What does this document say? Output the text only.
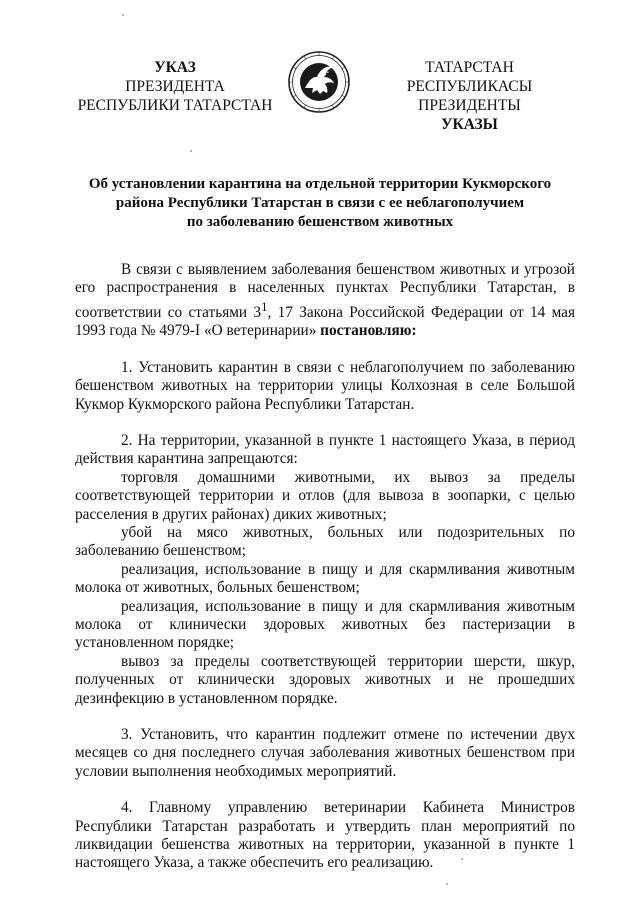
УКАЗ
ПРЕЗИДЕНТА
РЕСПУБЛИКИ ТАТАРСТАН
ТАТАРСТАН РЕСПУБЛИКАСЫ
ПРЕЗИДЕНТЫ
УКАЗЫ
Об установлении карантина на отдельной территории Кукморского
района Республики Татарстан в связи с ее неблагополучием
по заболеванию бешенством животных

В связи с выявлением заболевания бешенством животных и угрозой его распространения в населенных пунктах Республики Татарстан, в соответствии со статьями $3^1$, 17 Закона Российской Федерации от 14 мая 1993 года № 4979-I «О ветеринарии» постановляю:

1. Установить карантин в связи с неблагополучием по заболеванию бешенством животных на территории улицы Колхозная в селе Большой Кукмор Кукморского района Республики Татарстан.

2. На территории, указанной в пункте 1 настоящего Указа, в период действия карантина запрещаются:

торговля домашними животными, их вывоз за пределы соответствующей территории и отлов (для вывоза в зоопарки, с целью расселения в других районах) диких животных;

убой на мясо животных, больных или подозрительных по заболеванию бешенством;

реализация, использование в пищу и для скармливания животным молока от животных, больных бешенством;

реализация, использование в пищу и для скармливания животным молока от клинически здоровых животных без пастеризации в установленном порядке;

вывоз за пределы соответствующей территории шерсти, шкур, полученных от клинически здоровых животных и не прошедших дезинфекцию в установленном порядке.

3. Установить, что карантин подлежит отмене по истечении двух месяцев со дня последнего случая заболевания животных бешенством при условии выполнения необходимых мероприятий.

4. Главному управлению ветеринарии Кабинета Министров Республики Татарстан разработать и утвердить план мероприятий по ликвидации бешенства животных на территории, указанной в пункте 1 настоящего Указа, а также обеспечить его реализацию.
